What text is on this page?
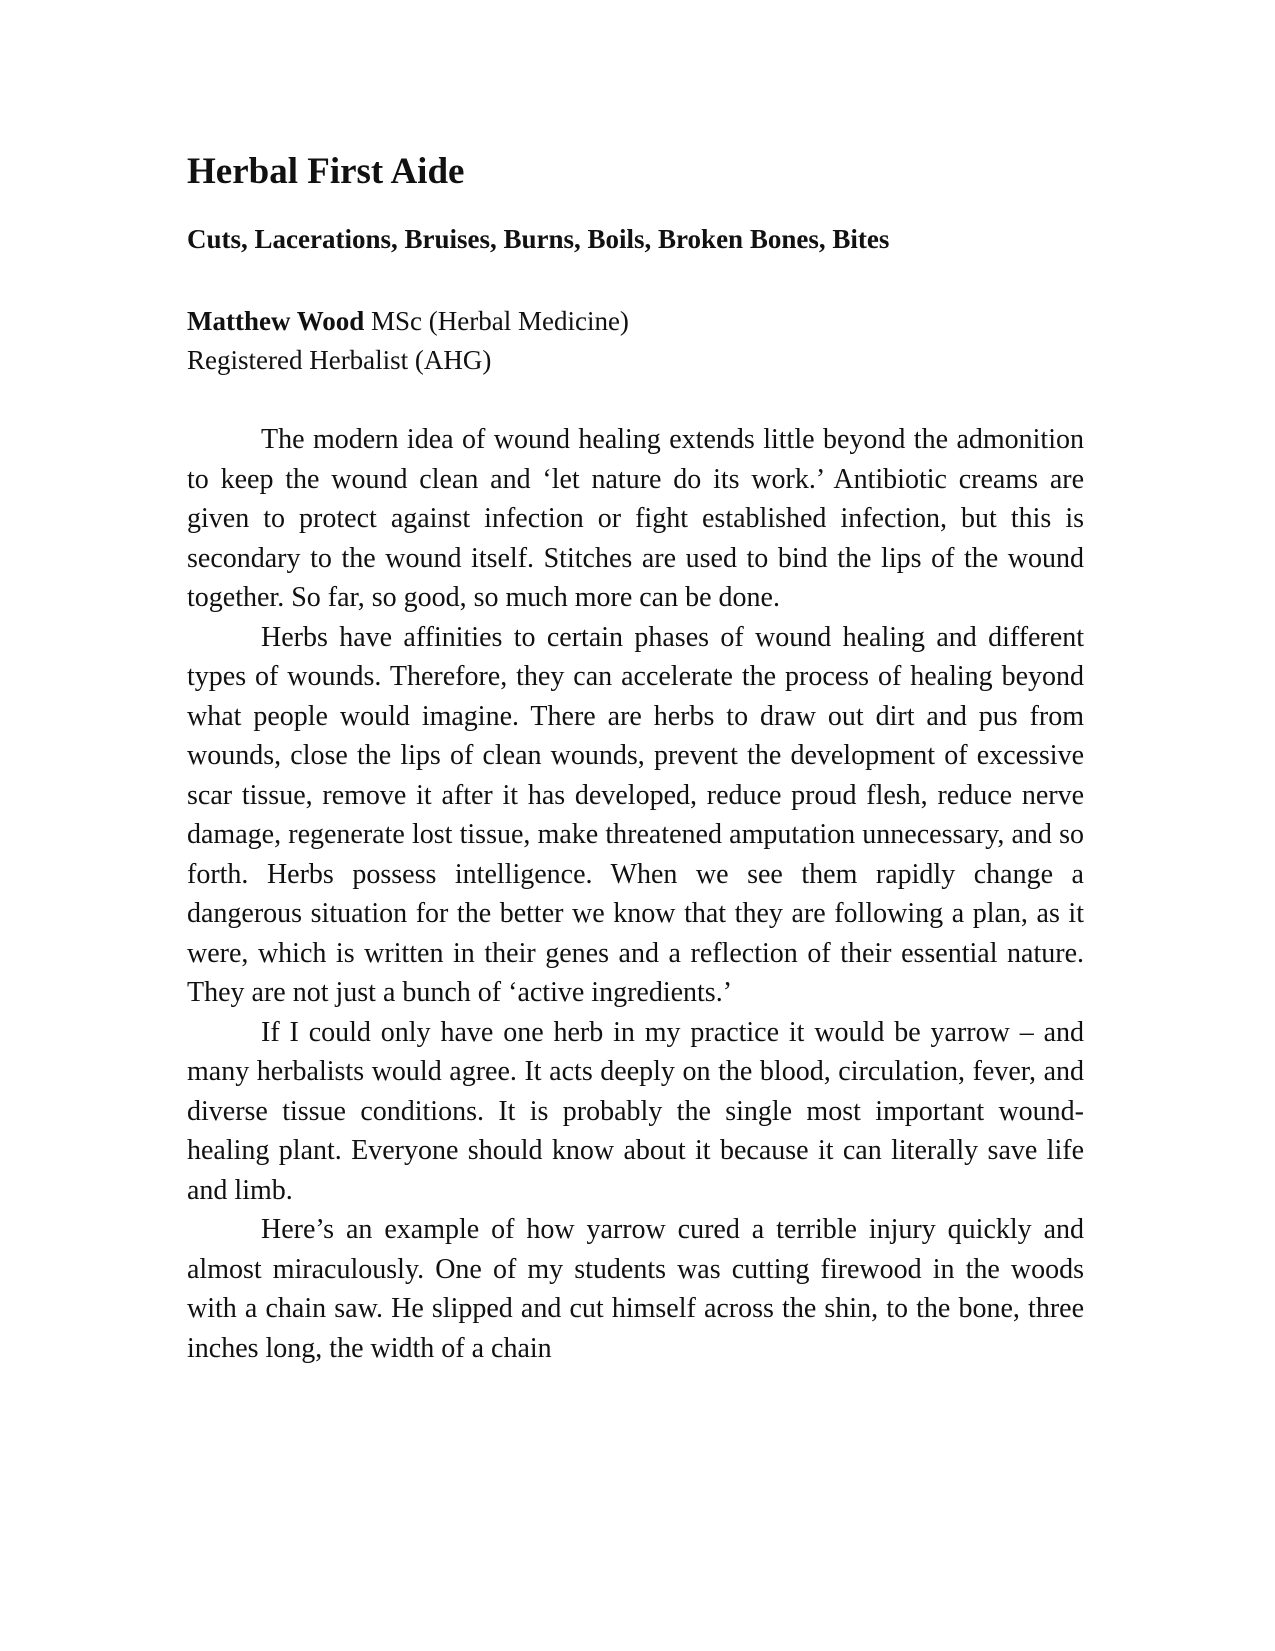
Herbal First Aide
Cuts, Lacerations, Bruises, Burns, Boils, Broken Bones, Bites
Matthew Wood MSc (Herbal Medicine)
Registered Herbalist (AHG)

The modern idea of wound healing extends little beyond the admonition to keep the wound clean and ‘let nature do its work.’ Antibiotic creams are given to protect against infection or fight established infection, but this is secondary to the wound itself. Stitches are used to bind the lips of the wound together. So far, so good, so much more can be done.

Herbs have affinities to certain phases of wound healing and different types of wounds. Therefore, they can accelerate the process of healing beyond what people would imagine. There are herbs to draw out dirt and pus from wounds, close the lips of clean wounds, prevent the development of excessive scar tissue, remove it after it has developed, reduce proud flesh, reduce nerve damage, regenerate lost tissue, make threatened amputation unnecessary, and so forth. Herbs possess intelligence. When we see them rapidly change a dangerous situation for the better we know that they are following a plan, as it were, which is written in their genes and a reflection of their essential nature. They are not just a bunch of ‘active ingredients.’

If I could only have one herb in my practice it would be yarrow – and many herbalists would agree. It acts deeply on the blood, circulation, fever, and diverse tissue conditions. It is probably the single most important wound-healing plant. Everyone should know about it because it can literally save life and limb.

Here’s an example of how yarrow cured a terrible injury quickly and almost miraculously. One of my students was cutting firewood in the woods with a chain saw. He slipped and cut himself across the shin, to the bone, three inches long, the width of a chain
